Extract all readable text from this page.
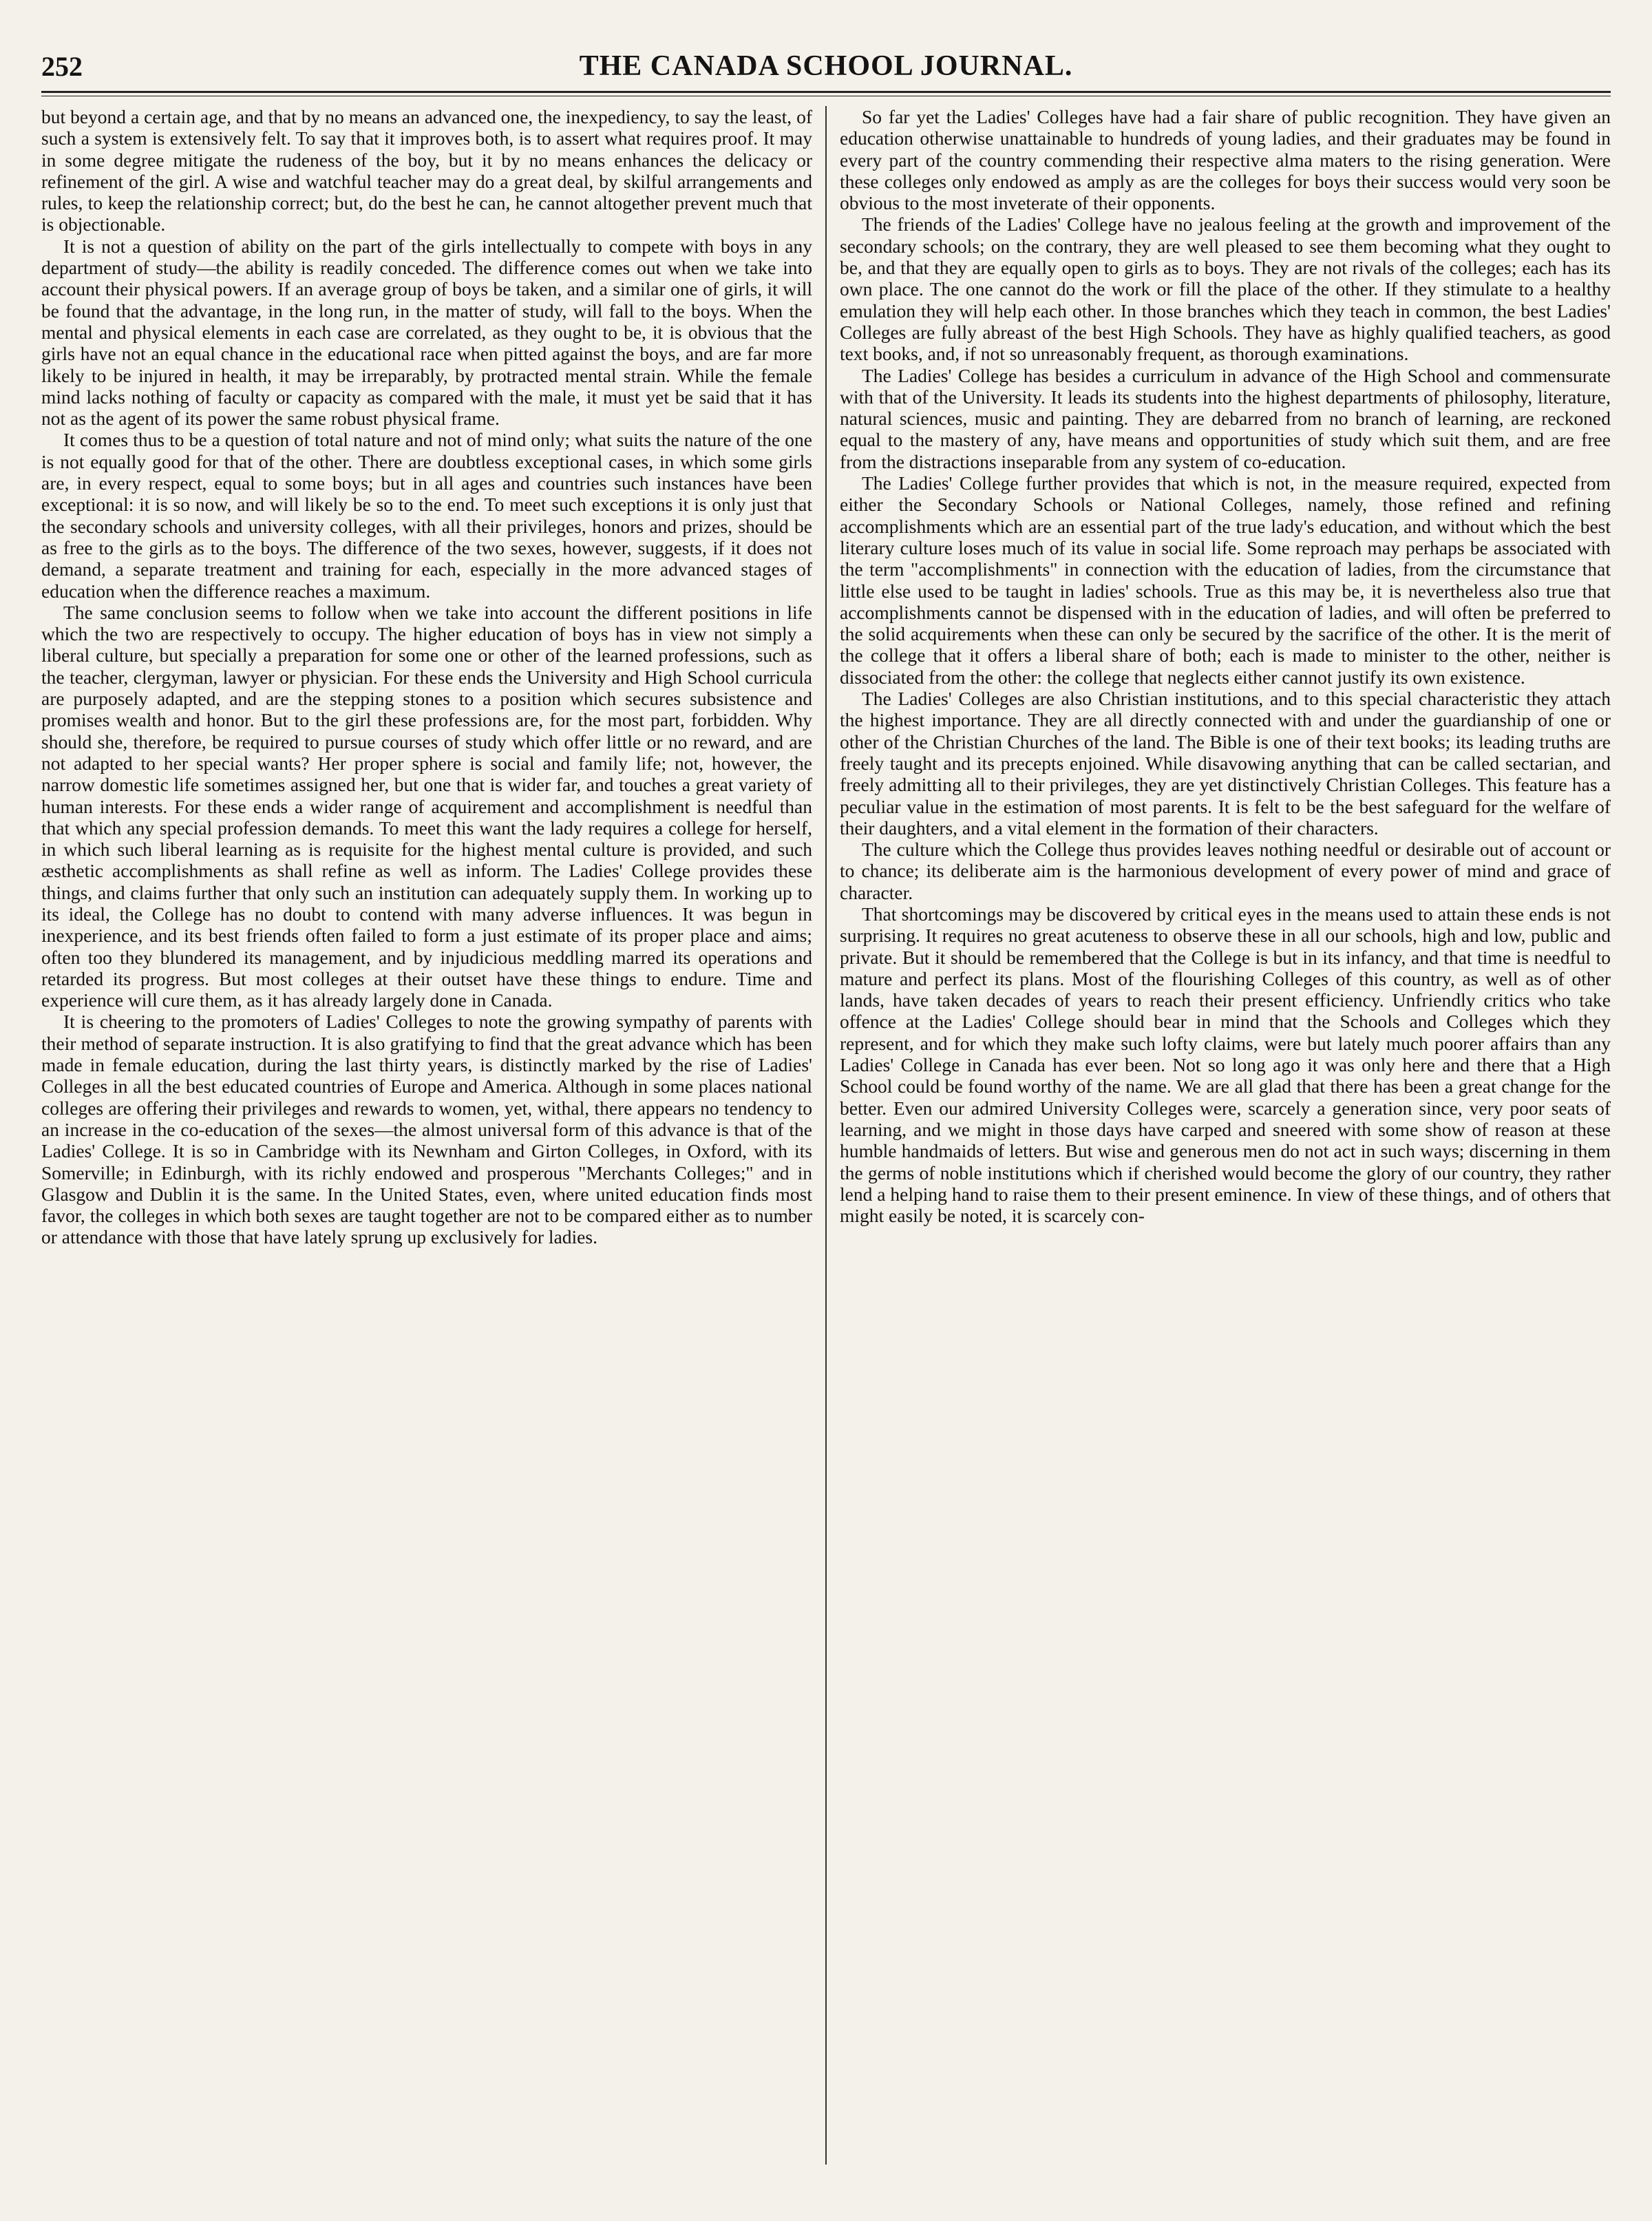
252	THE CANADA SCHOOL JOURNAL.

but beyond a certain age, and that by no means an advanced one, the inexpediency, to say the least, of such a system is extensively felt. To say that it improves both, is to assert what requires proof. It may in some degree mitigate the rudeness of the boy, but it by no means enhances the delicacy or refinement of the girl. A wise and watchful teacher may do a great deal, by skilful arrangements and rules, to keep the relationship correct; but, do the best he can, he cannot altogether prevent much that is objectionable.

It is not a question of ability on the part of the girls intellectually to compete with boys in any department of study—the ability is readily conceded. The difference comes out when we take into account their physical powers. If an average group of boys be taken, and a similar one of girls, it will be found that the advantage, in the long run, in the matter of study, will fall to the boys. When the mental and physical elements in each case are correlated, as they ought to be, it is obvious that the girls have not an equal chance in the educational race when pitted against the boys, and are far more likely to be injured in health, it may be irreparably, by protracted mental strain. While the female mind lacks nothing of faculty or capacity as compared with the male, it must yet be said that it has not as the agent of its power the same robust physical frame.

It comes thus to be a question of total nature and not of mind only; what suits the nature of the one is not equally good for that of the other. There are doubtless exceptional cases, in which some girls are, in every respect, equal to some boys; but in all ages and countries such instances have been exceptional: it is so now, and will likely be so to the end. To meet such exceptions it is only just that the secondary schools and university colleges, with all their privileges, honors and prizes, should be as free to the girls as to the boys. The difference of the two sexes, however, suggests, if it does not demand, a separate treatment and training for each, especially in the more advanced stages of education when the difference reaches a maximum.

The same conclusion seems to follow when we take into account the different positions in life which the two are respectively to occupy. The higher education of boys has in view not simply a liberal culture, but specially a preparation for some one or other of the learned professions, such as the teacher, clergyman, lawyer or physician. For these ends the University and High School curricula are purposely adapted, and are the stepping stones to a position which secures subsistence and promises wealth and honor. But to the girl these professions are, for the most part, forbidden. Why should she, therefore, be required to pursue courses of study which offer little or no reward, and are not adapted to her special wants? Her proper sphere is social and family life; not, however, the narrow domestic life sometimes assigned her, but one that is wider far, and touches a great variety of human interests. For these ends a wider range of acquirement and accomplishment is needful than that which any special profession demands. To meet this want the lady requires a college for herself, in which such liberal learning as is requisite for the highest mental culture is provided, and such æsthetic accomplishments as shall refine as well as inform. The Ladies' College provides these things, and claims further that only such an institution can adequately supply them. In working up to its ideal, the College has no doubt to contend with many adverse influences. It was begun in inexperience, and its best friends often failed to form a just estimate of its proper place and aims; often too they blundered its management, and by injudicious meddling marred its operations and retarded its progress. But most colleges at their outset have these things to endure. Time and experience will cure them, as it has already largely done in Canada.

It is cheering to the promoters of Ladies' Colleges to note the growing sympathy of parents with their method of separate instruction. It is also gratifying to find that the great advance which has been made in female education, during the last thirty years, is distinctly marked by the rise of Ladies' Colleges in all the best educated countries of Europe and America. Although in some places national colleges are offering their privileges and rewards to women, yet, withal, there appears no tendency to an increase in the co-education of the sexes—the almost universal form of this advance is that of the Ladies' College. It is so in Cambridge with its Newnham and Girton Colleges, in Oxford, with its Somerville; in Edinburgh, with its richly endowed and prosperous "Merchants Colleges;" and in Glasgow and Dublin it is the same. In the United States, even, where united education finds most favor, the colleges in which both sexes are taught together are not to be compared either as to number or attendance with those that have lately sprung up exclusively for ladies.

So far yet the Ladies' Colleges have had a fair share of public recognition. They have given an education otherwise unattainable to hundreds of young ladies, and their graduates may be found in every part of the country commending their respective alma maters to the rising generation. Were these colleges only endowed as amply as are the colleges for boys their success would very soon be obvious to the most inveterate of their opponents.

The friends of the Ladies' College have no jealous feeling at the growth and improvement of the secondary schools; on the contrary, they are well pleased to see them becoming what they ought to be, and that they are equally open to girls as to boys. They are not rivals of the colleges; each has its own place. The one cannot do the work or fill the place of the other. If they stimulate to a healthy emulation they will help each other. In those branches which they teach in common, the best Ladies' Colleges are fully abreast of the best High Schools. They have as highly qualified teachers, as good text books, and, if not so unreasonably frequent, as thorough examinations.

The Ladies' College has besides a curriculum in advance of the High School and commensurate with that of the University. It leads its students into the highest departments of philosophy, literature, natural sciences, music and painting. They are debarred from no branch of learning, are reckoned equal to the mastery of any, have means and opportunities of study which suit them, and are free from the distractions inseparable from any system of co-education.

The Ladies' College further provides that which is not, in the measure required, expected from either the Secondary Schools or National Colleges, namely, those refined and refining accomplishments which are an essential part of the true lady's education, and without which the best literary culture loses much of its value in social life. Some reproach may perhaps be associated with the term "accomplishments" in connection with the education of ladies, from the circumstance that little else used to be taught in ladies' schools. True as this may be, it is nevertheless also true that accomplishments cannot be dispensed with in the education of ladies, and will often be preferred to the solid acquirements when these can only be secured by the sacrifice of the other. It is the merit of the college that it offers a liberal share of both; each is made to minister to the other, neither is dissociated from the other: the college that neglects either cannot justify its own existence.

The Ladies' Colleges are also Christian institutions, and to this special characteristic they attach the highest importance. They are all directly connected with and under the guardianship of one or other of the Christian Churches of the land. The Bible is one of their text books; its leading truths are freely taught and its precepts enjoined. While disavowing anything that can be called sectarian, and freely admitting all to their privileges, they are yet distinctively Christian Colleges. This feature has a peculiar value in the estimation of most parents. It is felt to be the best safeguard for the welfare of their daughters, and a vital element in the formation of their characters.

The culture which the College thus provides leaves nothing needful or desirable out of account or to chance; its deliberate aim is the harmonious development of every power of mind and grace of character.

That shortcomings may be discovered by critical eyes in the means used to attain these ends is not surprising. It requires no great acuteness to observe these in all our schools, high and low, public and private. But it should be remembered that the College is but in its infancy, and that time is needful to mature and perfect its plans. Most of the flourishing Colleges of this country, as well as of other lands, have taken decades of years to reach their present efficiency. Unfriendly critics who take offence at the Ladies' College should bear in mind that the Schools and Colleges which they represent, and for which they make such lofty claims, were but lately much poorer affairs than any Ladies' College in Canada has ever been. Not so long ago it was only here and there that a High School could be found worthy of the name. We are all glad that there has been a great change for the better. Even our admired University Colleges were, scarcely a generation since, very poor seats of learning, and we might in those days have carped and sneered with some show of reason at these humble handmaids of letters. But wise and generous men do not act in such ways; discerning in them the germs of noble institutions which if cherished would become the glory of our country, they rather lend a helping hand to raise them to their present eminence. In view of these things, and of others that might easily be noted, it is scarcely con-
